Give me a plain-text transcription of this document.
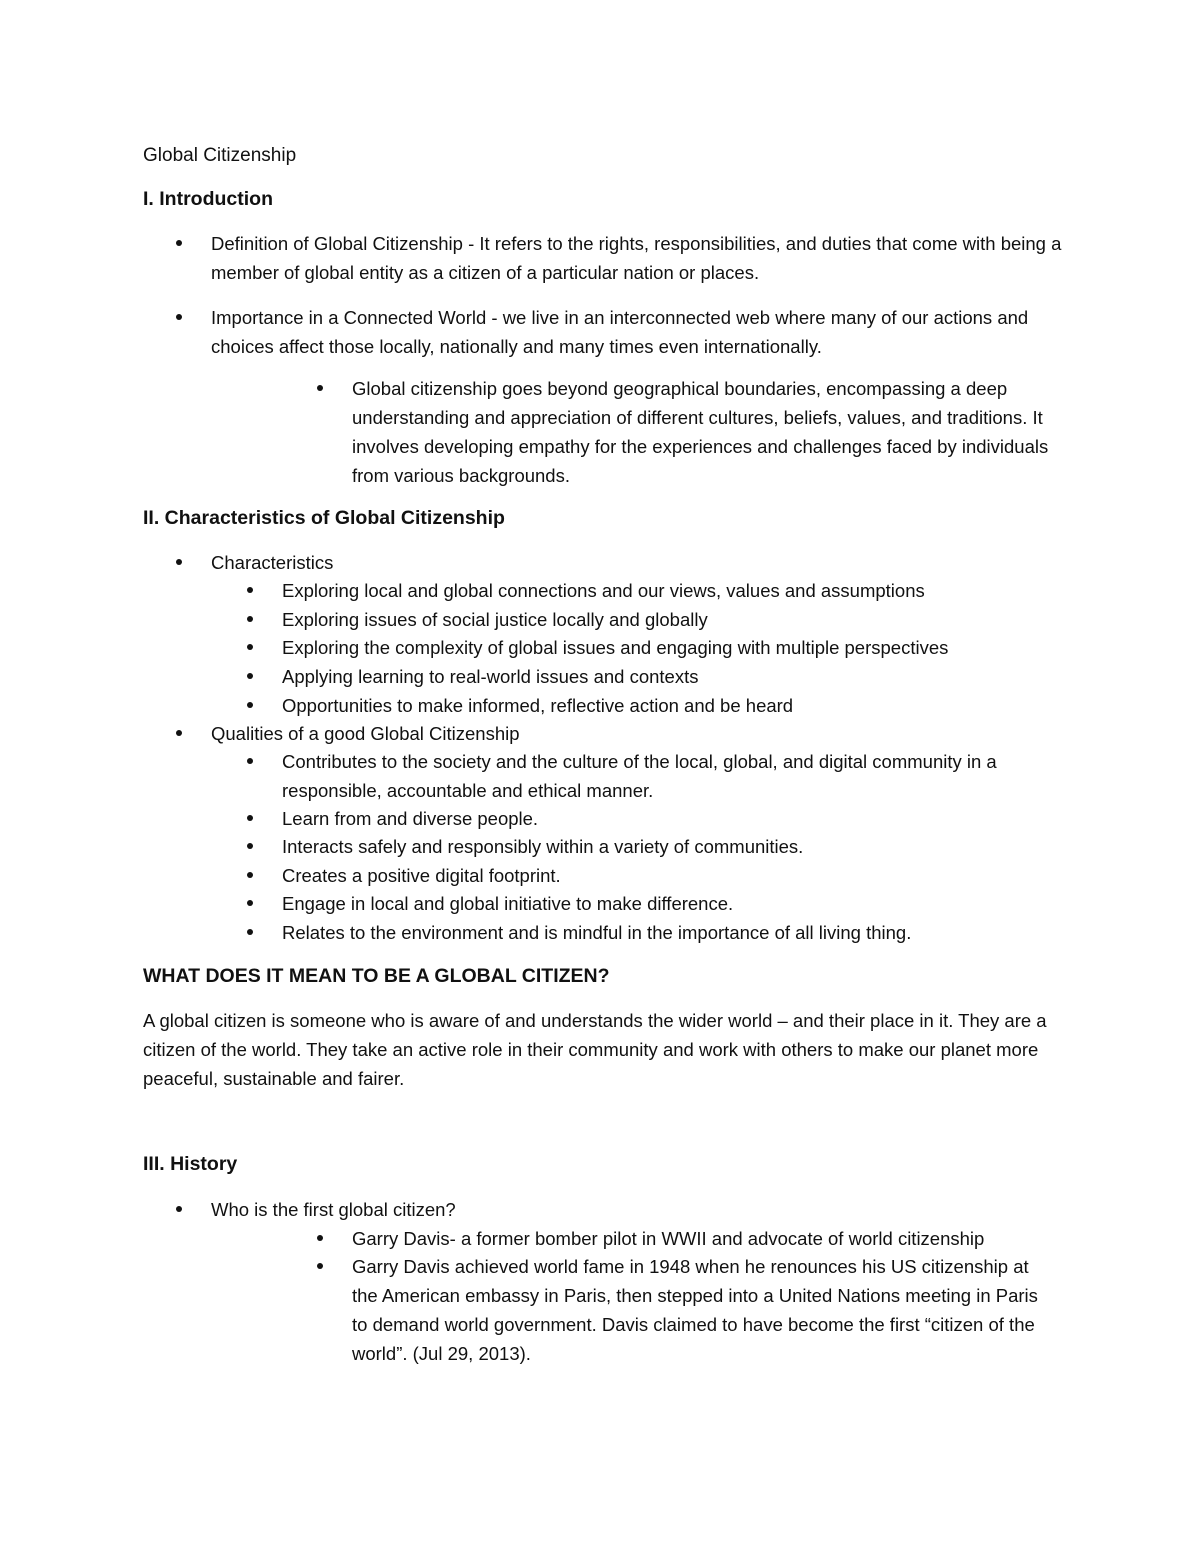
Global Citizenship
I. Introduction
Definition of Global Citizenship - It refers to the rights, responsibilities, and duties that come with being a member of global entity as a citizen of a particular nation or places.
Importance in a Connected World - we live in an interconnected web where many of our actions and choices affect those locally, nationally and many times even internationally.
Global citizenship goes beyond geographical boundaries, encompassing a deep understanding and appreciation of different cultures, beliefs, values, and traditions. It involves developing empathy for the experiences and challenges faced by individuals from various backgrounds.
II. Characteristics of Global Citizenship
Characteristics
Exploring local and global connections and our views, values and assumptions
Exploring issues of social justice locally and globally
Exploring the complexity of global issues and engaging with multiple perspectives
Applying learning to real-world issues and contexts
Opportunities to make informed, reflective action and be heard
Qualities of a good Global Citizenship
Contributes to the society and the culture of the local, global, and digital community in a responsible, accountable and ethical manner.
Learn from and diverse people.
Interacts safely and responsibly within a variety of communities.
Creates a positive digital footprint.
Engage in local and global initiative to make difference.
Relates to the environment and is mindful in the importance of all living thing.
WHAT DOES IT MEAN TO BE A GLOBAL CITIZEN?

A global citizen is someone who is aware of and understands the wider world – and their place in it. They are a citizen of the world. They take an active role in their community and work with others to make our planet more peaceful, sustainable and fairer.

III. History
Who is the first global citizen?
Garry Davis- a former bomber pilot in WWII and advocate of world citizenship
Garry Davis achieved world fame in 1948 when he renounces his US citizenship at the American embassy in Paris, then stepped into a United Nations meeting in Paris to demand world government. Davis claimed to have become the first “citizen of the world”. (Jul 29, 2013).
